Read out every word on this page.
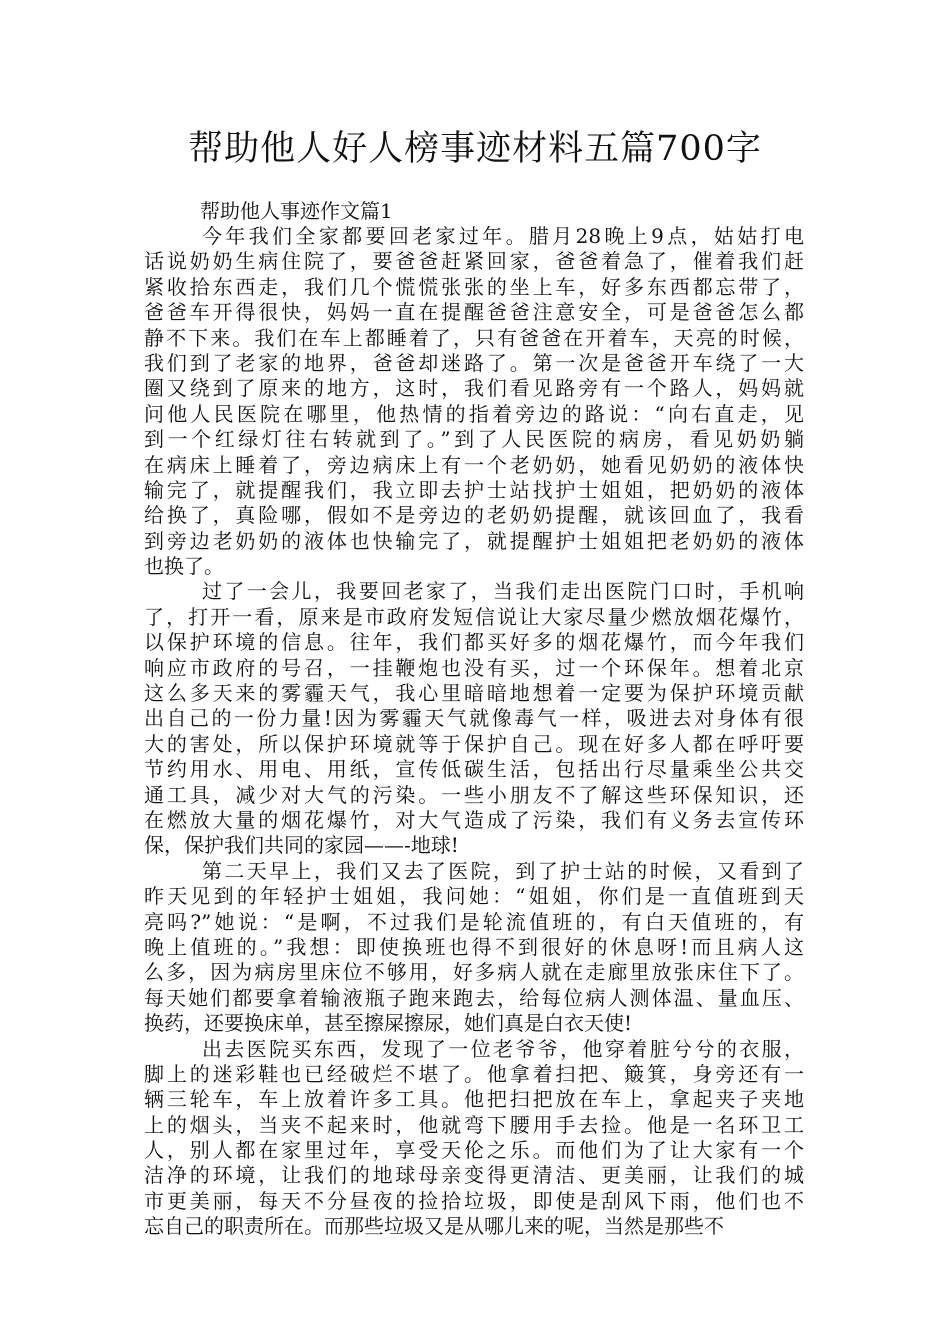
帮助他人好人榜事迹材料五篇700字
帮助他人事迹作文篇1
今年我们全家都要回老家过年。腊月28晚上9点，姑姑打电
话说奶奶生病住院了，要爸爸赶紧回家，爸爸着急了，催着我们赶
紧收拾东西走，我们几个慌慌张张的坐上车，好多东西都忘带了，
爸爸车开得很快，妈妈一直在提醒爸爸注意安全，可是爸爸怎么都
静不下来。我们在车上都睡着了，只有爸爸在开着车，天亮的时候，
我们到了老家的地界，爸爸却迷路了。第一次是爸爸开车绕了一大
圈又绕到了原来的地方，这时，我们看见路旁有一个路人，妈妈就
问他人民医院在哪里，他热情的指着旁边的路说：“向右直走，见
到一个红绿灯往右转就到了。”到了人民医院的病房，看见奶奶躺
在病床上睡着了，旁边病床上有一个老奶奶，她看见奶奶的液体快
输完了，就提醒我们，我立即去护士站找护士姐姐，把奶奶的液体
给换了，真险哪，假如不是旁边的老奶奶提醒，就该回血了，我看
到旁边老奶奶的液体也快输完了，就提醒护士姐姐把老奶奶的液体
也换了。
过了一会儿，我要回老家了，当我们走出医院门口时，手机响
了，打开一看，原来是市政府发短信说让大家尽量少燃放烟花爆竹，
以保护环境的信息。往年，我们都买好多的烟花爆竹，而今年我们
响应市政府的号召，一挂鞭炮也没有买，过一个环保年。想着北京
这么多天来的雾霾天气，我心里暗暗地想着一定要为保护环境贡献
出自己的一份力量!因为雾霾天气就像毒气一样，吸进去对身体有很
大的害处，所以保护环境就等于保护自己。现在好多人都在呼吁要
节约用水、用电、用纸，宣传低碳生活，包括出行尽量乘坐公共交
通工具，减少对大气的污染。一些小朋友不了解这些环保知识，还
在燃放大量的烟花爆竹，对大气造成了污染，我们有义务去宣传环
保，保护我们共同的家园——-地球!
第二天早上，我们又去了医院，到了护士站的时候，又看到了
昨天见到的年轻护士姐姐，我问她：“姐姐，你们是一直值班到天
亮吗?”她说：“是啊，不过我们是轮流值班的，有白天值班的，有
晚上值班的。”我想：即使换班也得不到很好的休息呀!而且病人这
么多，因为病房里床位不够用，好多病人就在走廊里放张床住下了。
每天她们都要拿着输液瓶子跑来跑去，给每位病人测体温、量血压、
换药，还要换床单，甚至擦屎擦尿，她们真是白衣天使!
出去医院买东西，发现了一位老爷爷，他穿着脏兮兮的衣服，
脚上的迷彩鞋也已经破烂不堪了。他拿着扫把、簸箕，身旁还有一
辆三轮车，车上放着许多工具。他把扫把放在车上，拿起夹子夹地
上的烟头，当夹不起来时，他就弯下腰用手去捡。他是一名环卫工
人，别人都在家里过年，享受天伦之乐。而他们为了让大家有一个
洁净的环境，让我们的地球母亲变得更清洁、更美丽，让我们的城
市更美丽，每天不分昼夜的捡拾垃圾，即使是刮风下雨，他们也不
忘自己的职责所在。而那些垃圾又是从哪儿来的呢，当然是那些不
